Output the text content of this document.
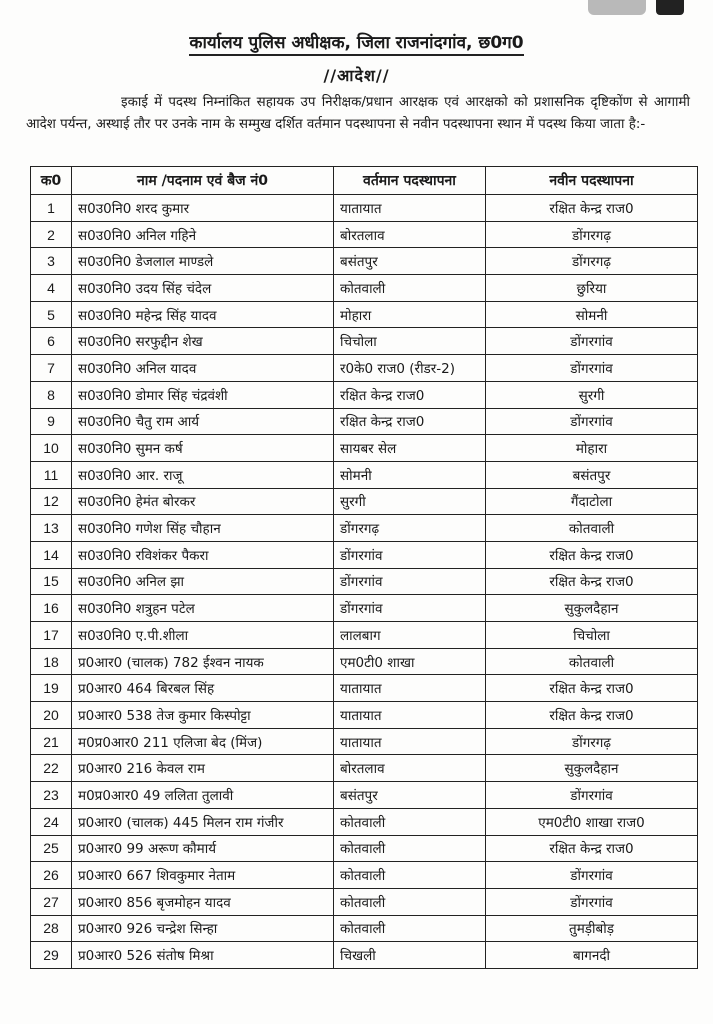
कार्यालय पुलिस अधीक्षक, जिला राजनांदगांव, छ0ग0
//आदेश//
इकाई में पदस्थ निम्नांकित सहायक उप निरीक्षक/प्रधान आरक्षक एवं आरक्षको को प्रशासनिक दृष्टिकोंण से आगामी आदेश पर्यन्त, अस्थाई तौर पर उनके नाम के सम्मुख दर्शित वर्तमान पदस्थापना से नवीन पदस्थापना स्थान में पदस्थ किया जाता है:-
क0	नाम /पदनाम एवं बैज नं0	वर्तमान पदस्थापना	नवीन पदस्थापना
1	स0उ0नि0 शरद कुमार	यातायात	रक्षित केन्द्र राज0
2	स0उ0नि0 अनिल गहिने	बोरतलाव	डोंगरगढ़
3	स0उ0नि0 डेजलाल माण्डले	बसंतपुर	डोंगरगढ़
4	स0उ0नि0 उदय सिंह चंदेल	कोतवाली	छुरिया
5	स0उ0नि0 महेन्द्र सिंह यादव	मोहारा	सोमनी
6	स0उ0नि0 सरफुद्दीन शेख	चिचोला	डोंगरगांव
7	स0उ0नि0 अनिल यादव	र0के0 राज0 (रीडर-2)	डोंगरगांव
8	स0उ0नि0 डोमार सिंह चंद्रवंशी	रक्षित केन्द्र राज0	सुरगी
9	स0उ0नि0 चैतु राम आर्य	रक्षित केन्द्र राज0	डोंगरगांव
10	स0उ0नि0 सुमन कर्ष	सायबर सेल	मोहारा
11	स0उ0नि0 आर. राजू	सोमनी	बसंतपुर
12	स0उ0नि0 हेमंत बोरकर	सुरगी	गैंदाटोला
13	स0उ0नि0 गणेश सिंह चौहान	डोंगरगढ़	कोतवाली
14	स0उ0नि0 रविशंकर पैकरा	डोंगरगांव	रक्षित केन्द्र राज0
15	स0उ0नि0 अनिल झा	डोंगरगांव	रक्षित केन्द्र राज0
16	स0उ0नि0 शत्रुहन पटेल	डोंगरगांव	सुकुलदैहान
17	स0उ0नि0 ए.पी.शीला	लालबाग	चिचोला
18	प्र0आर0 (चालक) 782 ईश्वन नायक	एम0टी0 शाखा	कोतवाली
19	प्र0आर0 464 बिरबल सिंह	यातायात	रक्षित केन्द्र राज0
20	प्र0आर0 538 तेज कुमार किस्पोट्टा	यातायात	रक्षित केन्द्र राज0
21	म0प्र0आर0 211 एलिजा बेद (मिंज)	यातायात	डोंगरगढ़
22	प्र0आर0 216 केवल राम	बोरतलाव	सुकुलदैहान
23	म0प्र0आर0 49 ललिता तुलावी	बसंतपुर	डोंगरगांव
24	प्र0आर0 (चालक) 445 मिलन राम गंजीर	कोतवाली	एम0टी0 शाखा राज0
25	प्र0आर0 99 अरूण कौमार्य	कोतवाली	रक्षित केन्द्र राज0
26	प्र0आर0 667 शिवकुमार नेताम	कोतवाली	डोंगरगांव
27	प्र0आर0 856 बृजमोहन यादव	कोतवाली	डोंगरगांव
28	प्र0आर0 926 चन्द्रेश सिन्हा	कोतवाली	तुमड़ीबोड़
29	प्र0आर0 526 संतोष मिश्रा	चिखली	बागनदी
